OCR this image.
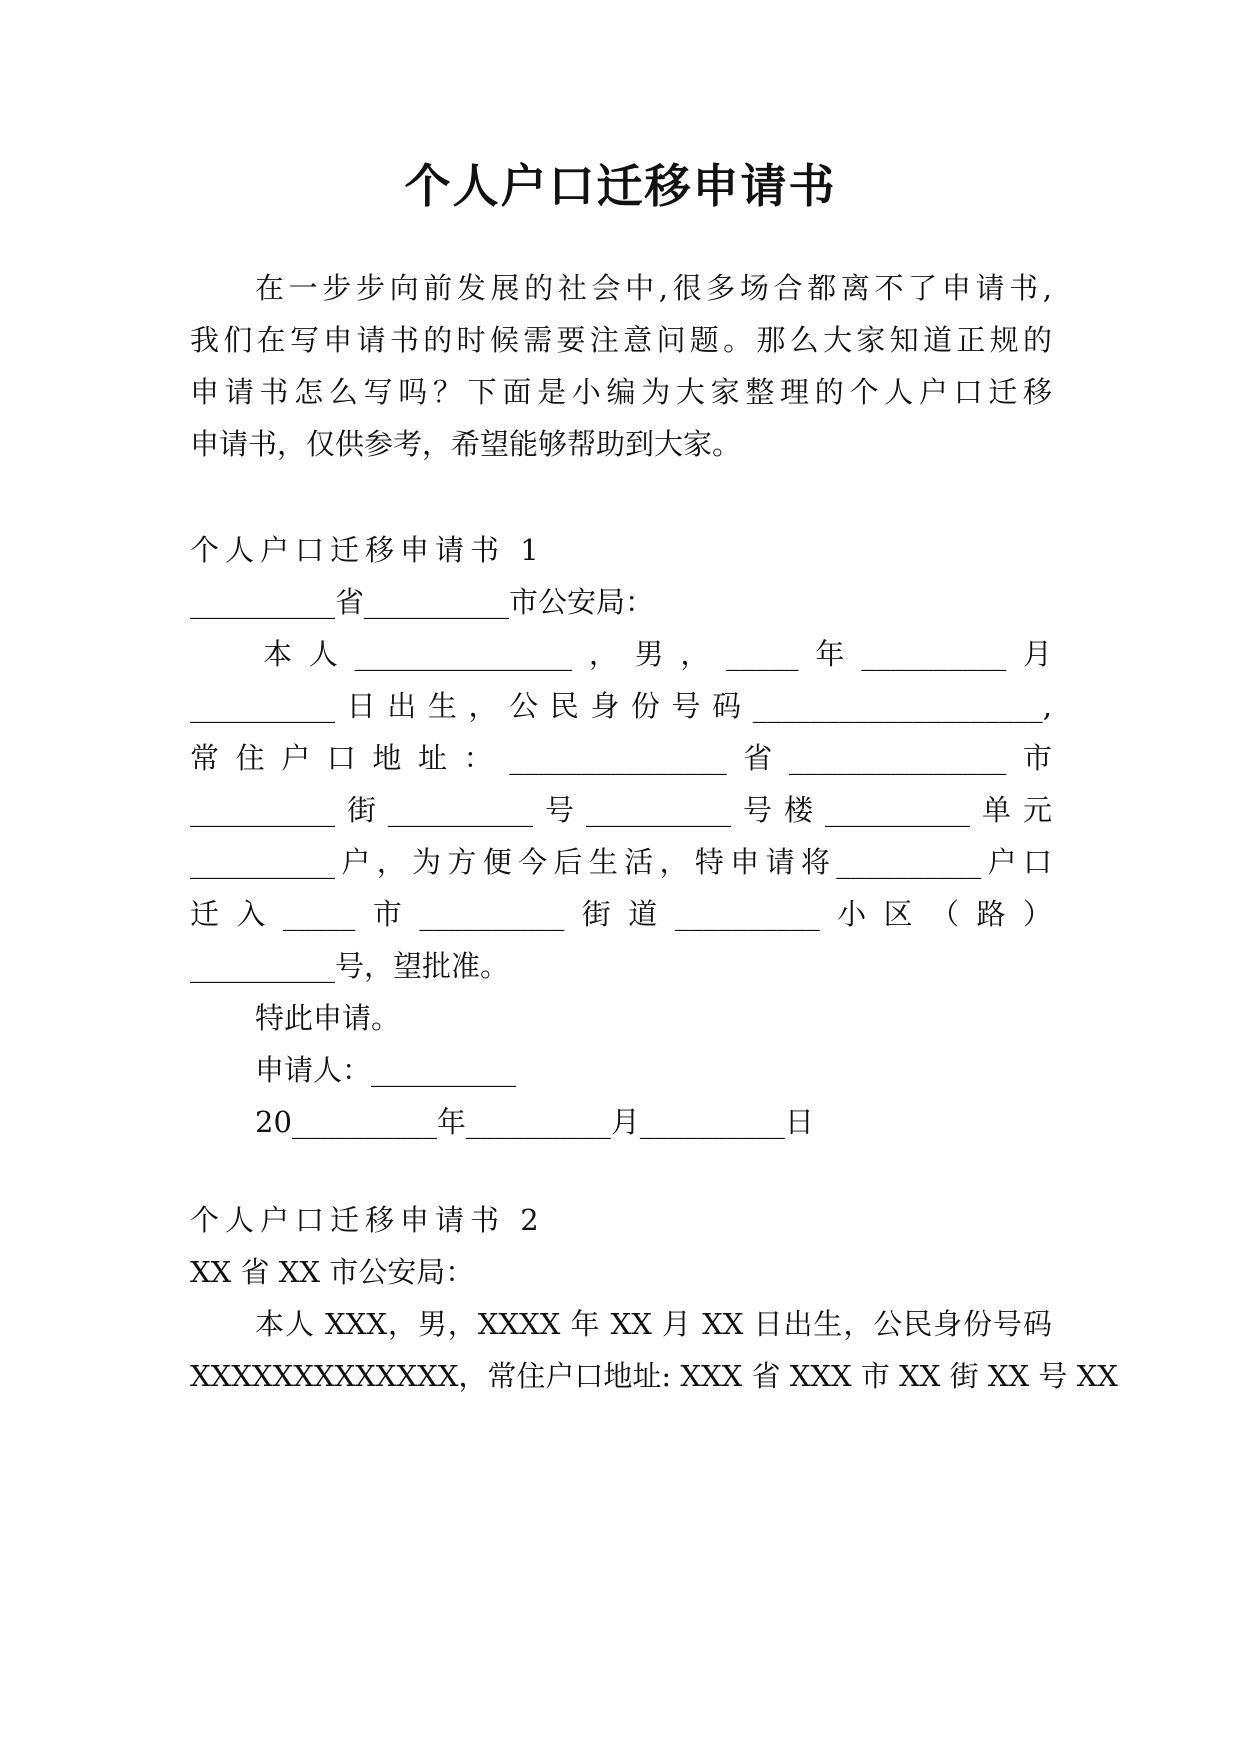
个人户口迁移申请书
在一步步向前发展的社会中,很多场合都离不了申请书,
我们在写申请书的时候需要注意问题。那么大家知道正规的
申请书怎么写吗？下面是小编为大家整理的个人户口迁移
申请书，仅供参考，希望能够帮助到大家。
个人户口迁移申请书 1
__________省__________市公安局：
本人_______________，男，_____年__________月
__________日出生，公民身份号码____________________,
常住户口地址：_______________省_______________市
__________街__________号__________号楼__________单元
__________户，为方便今后生活，特申请将__________户口
迁入_____市__________街道__________小区（路）
__________号，望批准。
特此申请。
申请人：__________
20__________年__________月__________日
个人户口迁移申请书 2
XX 省 XX 市公安局：
本人 XXX，男，XXXX 年 XX 月 XX 日出生，公民身份号码
XXXXXXXXXXXXX，常住户口地址: XXX 省 XXX 市 XX 街 XX 号 XX
